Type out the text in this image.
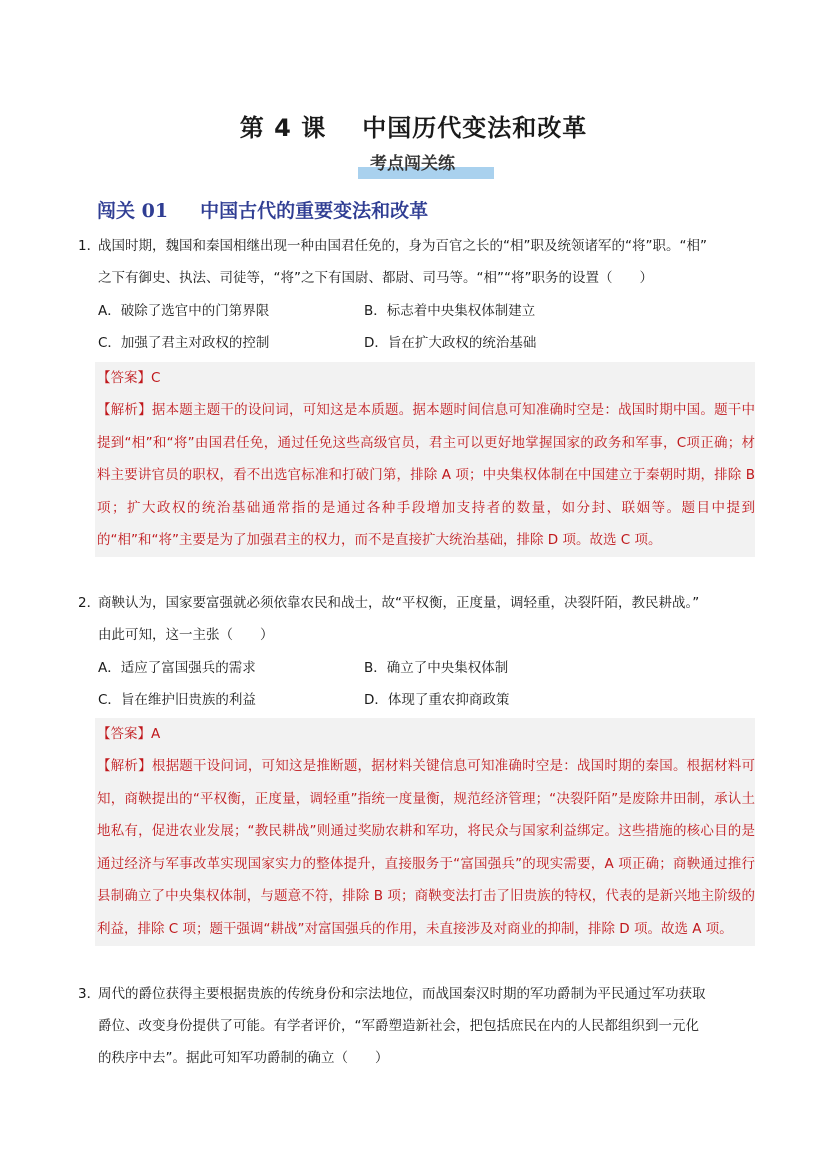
第 4 课 中国历代变法和改革
考点闯关练
闯关 01 中国古代的重要变法和改革
1．战国时期，魏国和秦国相继出现一种由国君任免的，身为百官之长的“相”职及统领诸军的“将”职。“相”
之下有御史、执法、司徒等，“将”之下有国尉、都尉、司马等。“相”“将”职务的设置（　　）
A．破除了选官中的门第界限	B．标志着中央集权体制建立
C．加强了君主对政权的控制	D．旨在扩大政权的统治基础
【答案】C
【解析】据本题主题干的设问词，可知这是本质题。据本题时间信息可知准确时空是：战国时期中国。题干中提到“相”和“将”由国君任免，通过任免这些高级官员，君主可以更好地掌握国家的政务和军事，C项正确；材料主要讲官员的职权，看不出选官标准和打破门第，排除 A 项；中央集权体制在中国建立于秦朝时期，排除 B 项；扩大政权的统治基础通常指的是通过各种手段增加支持者的数量，如分封、联姻等。题目中提到的“相”和“将”主要是为了加强君主的权力，而不是直接扩大统治基础，排除 D 项。故选 C 项。
2．商鞅认为，国家要富强就必须依靠农民和战士，故“平权衡，正度量，调轻重，决裂阡陌，教民耕战。”
由此可知，这一主张（　　）
A．适应了富国强兵的需求	B．确立了中央集权体制
C．旨在维护旧贵族的利益	D．体现了重农抑商政策
【答案】A
【解析】根据题干设问词，可知这是推断题，据材料关键信息可知准确时空是：战国时期的秦国。根据材料可知，商鞅提出的“平权衡，正度量，调轻重”指统一度量衡，规范经济管理；“决裂阡陌”是废除井田制，承认土地私有，促进农业发展；“教民耕战”则通过奖励农耕和军功，将民众与国家利益绑定。这些措施的核心目的是通过经济与军事改革实现国家实力的整体提升，直接服务于“富国强兵”的现实需要，A 项正确；商鞅通过推行县制确立了中央集权体制，与题意不符，排除 B 项；商鞅变法打击了旧贵族的特权，代表的是新兴地主阶级的利益，排除 C 项；题干强调“耕战”对富国强兵的作用，未直接涉及对商业的抑制，排除 D 项。故选 A 项。
3．周代的爵位获得主要根据贵族的传统身份和宗法地位，而战国秦汉时期的军功爵制为平民通过军功获取
爵位、改变身份提供了可能。有学者评价，“军爵塑造新社会，把包括庶民在内的人民都组织到一元化
的秩序中去”。据此可知军功爵制的确立（　　）
